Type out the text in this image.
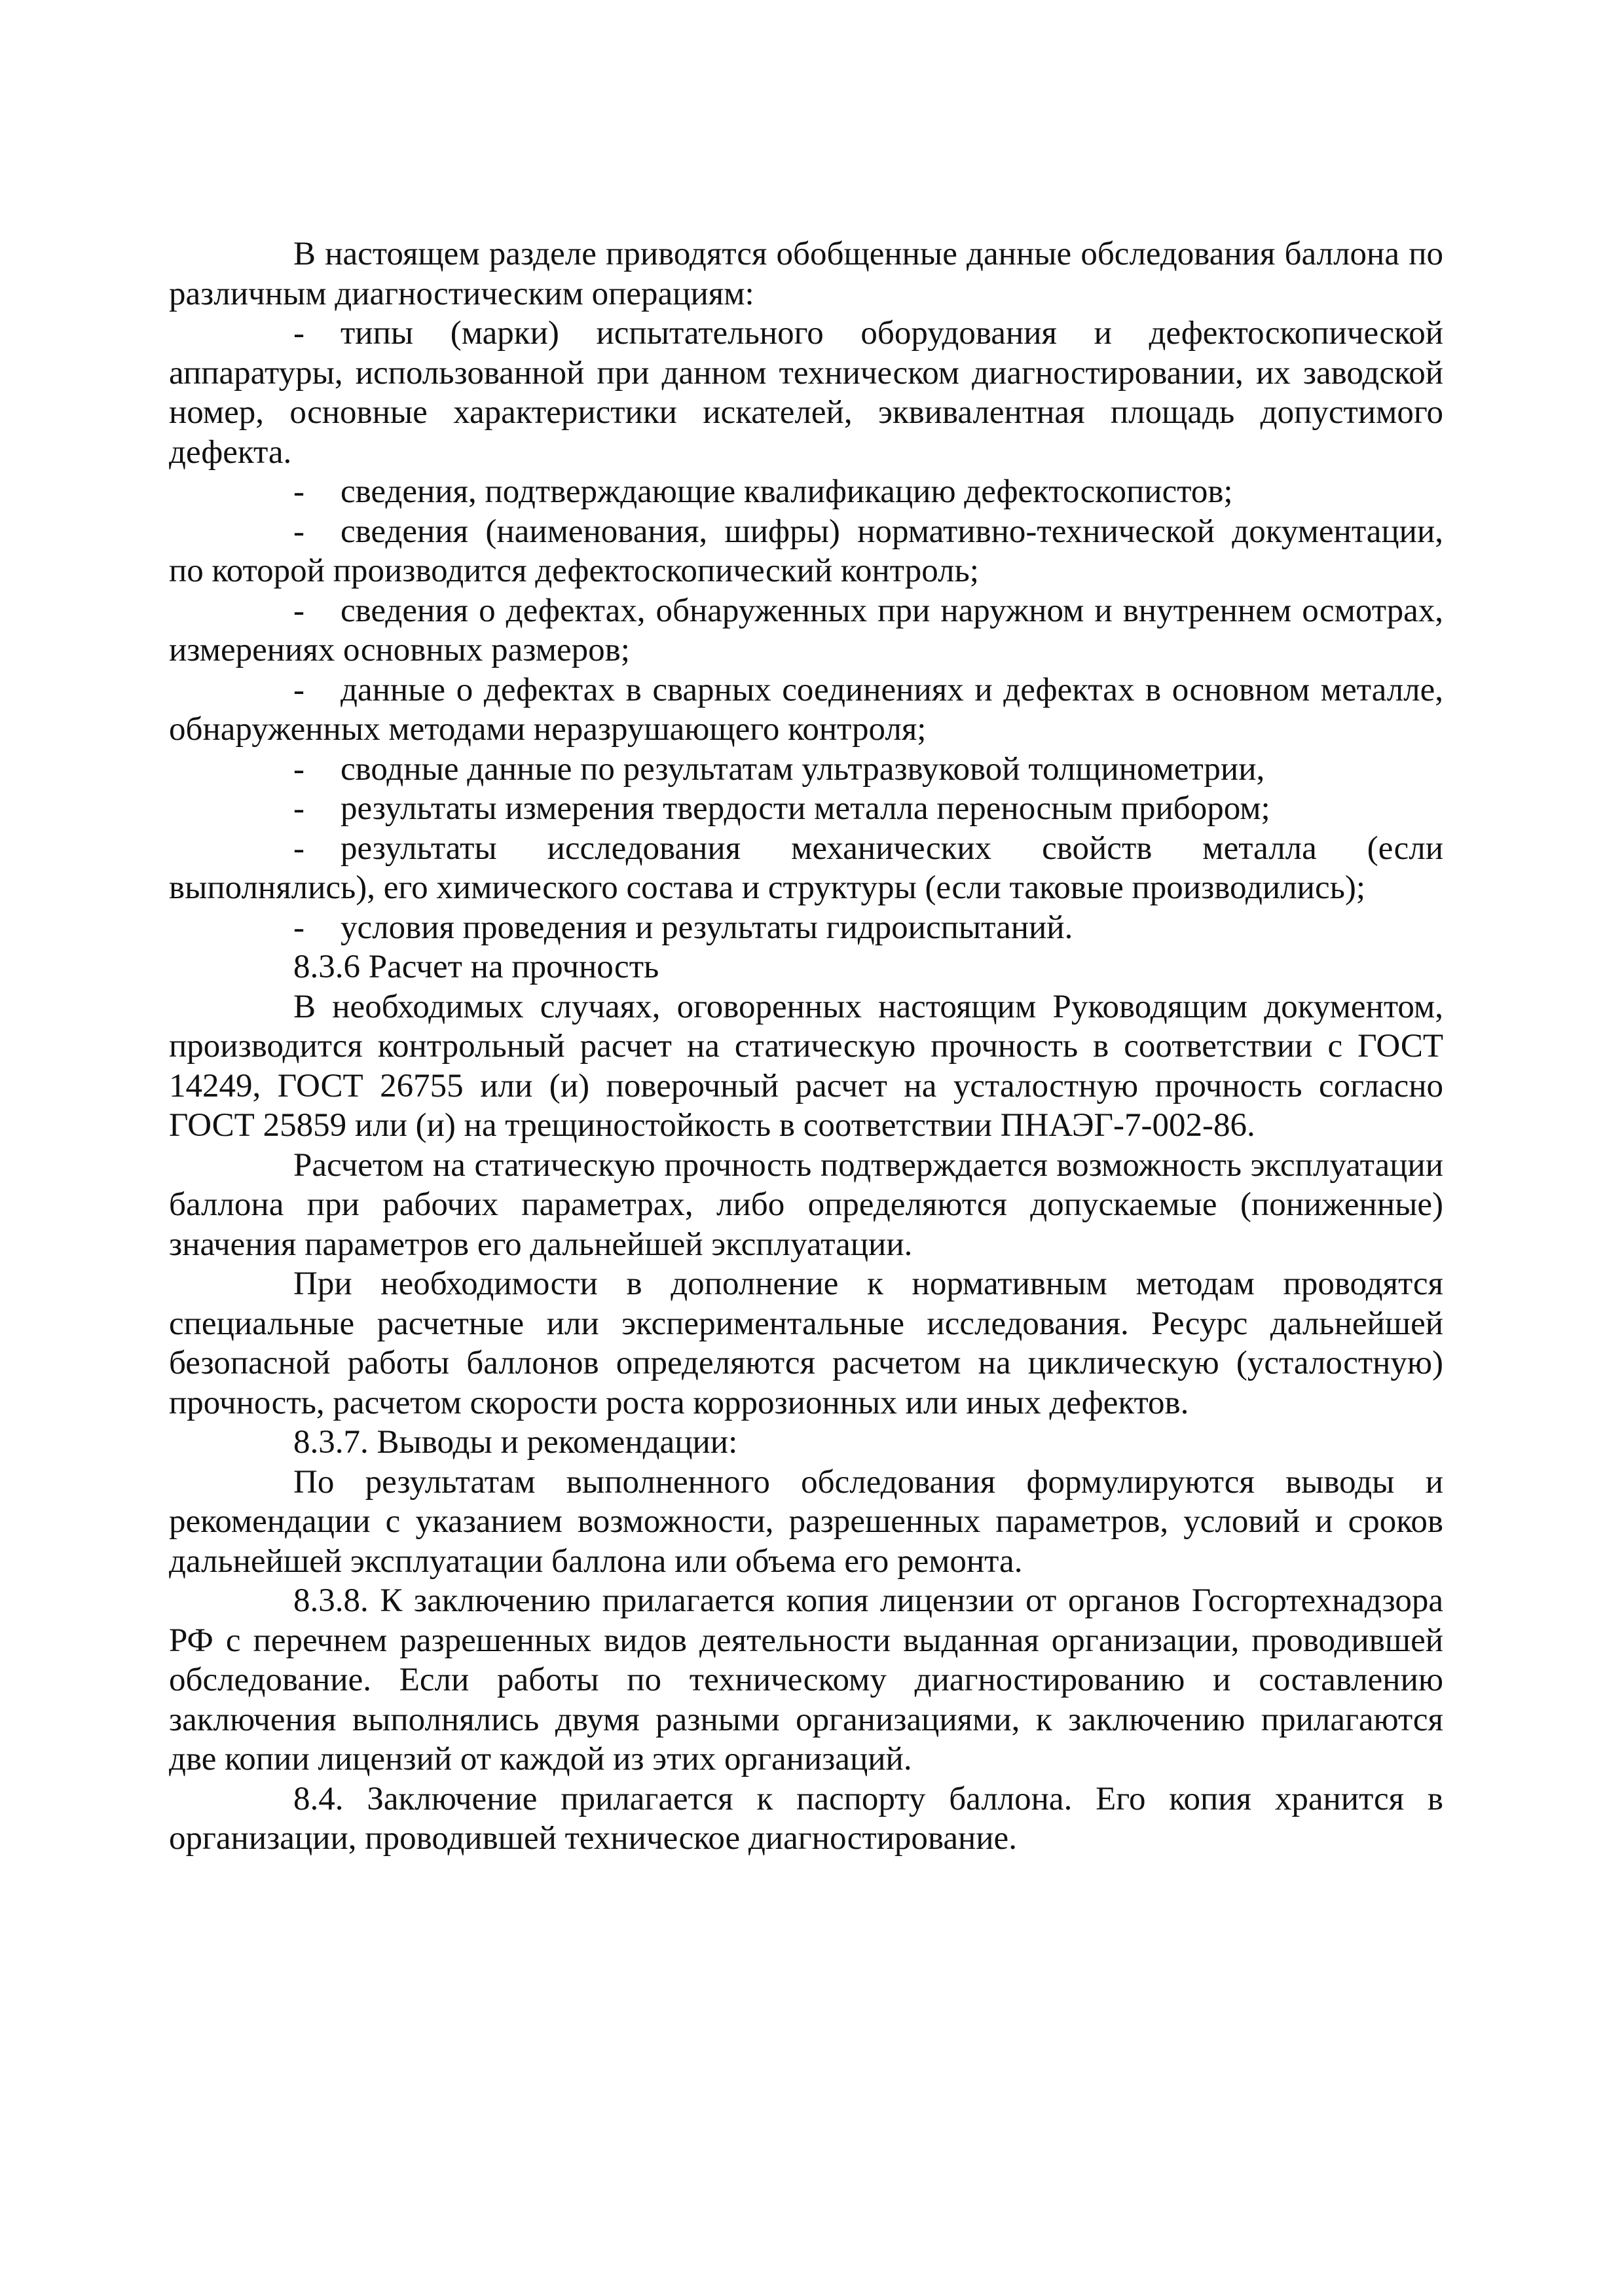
В настоящем разделе приводятся обобщенные данные обследования баллона по различным диагностическим операциям:

- типы (марки) испытательного оборудования и дефектоскопической аппаратуры, использованной при данном техническом диагностировании, их заводской номер, основные характеристики искателей, эквивалентная площадь допустимого дефекта.

- сведения, подтверждающие квалификацию дефектоскопистов;

- сведения (наименования, шифры) нормативно-технической документации, по которой производится дефектоскопический контроль;

- сведения о дефектах, обнаруженных при наружном и внутреннем осмотрах, измерениях основных размеров;

- данные о дефектах в сварных соединениях и дефектах в основном металле, обнаруженных методами неразрушающего контроля;

- сводные данные по результатам ультразвуковой толщинометрии,

- результаты измерения твердости металла переносным прибором;

- результаты исследования механических свойств металла (если выполнялись), его химического состава и структуры (если таковые производились);

- условия проведения и результаты гидроиспытаний.

8.3.6 Расчет на прочность

В необходимых случаях, оговоренных настоящим Руководящим документом, производится контрольный расчет на статическую прочность в соответствии с ГОСТ 14249, ГОСТ 26755 или (и) поверочный расчет на усталостную прочность согласно ГОСТ 25859 или (и) на трещиностойкость в соответствии ПНАЭГ-7-002-86.

Расчетом на статическую прочность подтверждается возможность эксплуатации баллона при рабочих параметрах, либо определяются допускаемые (пониженные) значения параметров его дальнейшей эксплуатации.

При необходимости в дополнение к нормативным методам проводятся специальные расчетные или экспериментальные исследования. Ресурс дальнейшей безопасной работы баллонов определяются расчетом на циклическую (усталостную) прочность, расчетом скорости роста коррозионных или иных дефектов.

8.3.7. Выводы и рекомендации:

По результатам выполненного обследования формулируются выводы и рекомендации с указанием возможности, разрешенных параметров, условий и сроков дальнейшей эксплуатации баллона или объема его ремонта.

8.3.8. К заключению прилагается копия лицензии от органов Госгортехнадзора РФ с перечнем разрешенных видов деятельности выданная организации, проводившей обследование. Если работы по техническому диагностированию и составлению заключения выполнялись двумя разными организациями, к заключению прилагаются две копии лицензий от каждой из этих организаций.

8.4. Заключение прилагается к паспорту баллона. Его копия хранится в организации, проводившей техническое диагностирование.
